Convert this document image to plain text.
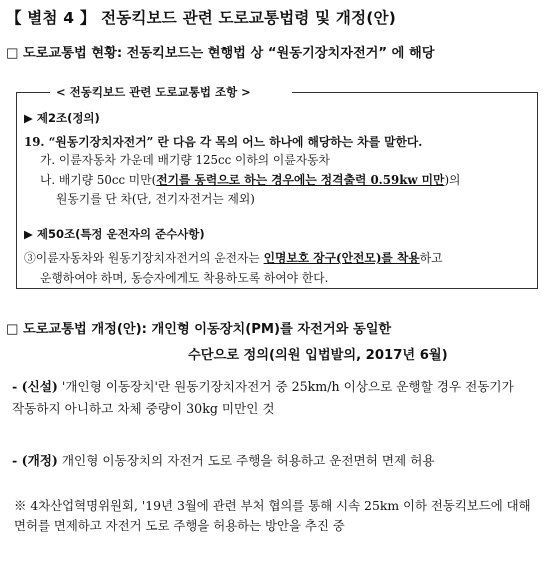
【 별첨 4 】 전동킥보드 관련 도로교통법령 및 개정(안)
□ 도로교통법 현황: 전동킥보드는 현행법 상 “원동기장치자전거” 에 해당
< 전동킥보드 관련 도로교통법 조항 >
▶ 제2조(정의)
19. “원동기장치자전거” 란 다음 각 목의 어느 하나에 해당하는 차를 말한다.
가. 이륜자동차 가운데 배기량 125cc 이하의 이륜자동차
나. 배기량 50cc 미만(전기를 동력으로 하는 경우에는 정격출력 0.59kw 미만)의
원동기를 단 차(단, 전기자전거는 제외)
▶ 제50조(특정 운전자의 준수사항)
③이륜자동차와 원동기장치자전거의 운전자는 인명보호 장구(안전모)를 착용하고
운행하여야 하며, 동승자에게도 착용하도록 하여야 한다.
□ 도로교통법 개정(안): 개인형 이동장치(PM)를 자전거와 동일한
수단으로 정의(의원 입법발의, 2017년 6월)
- (신설) '개인형 이동장치'란 원동기장치자전거 중 25km/h 이상으로 운행할 경우 전동기가 작동하지 아니하고 차체 중량이 30kg 미만인 것
- (개정) 개인형 이동장치의 자전거 도로 주행을 허용하고 운전면허 면제 허용
※ 4차산업혁명위원회, '19년 3월에 관련 부처 협의를 통해 시속 25km 이하 전동킥보드에 대해 면허를 면제하고 자전거 도로 주행을 허용하는 방안을 추진 중
